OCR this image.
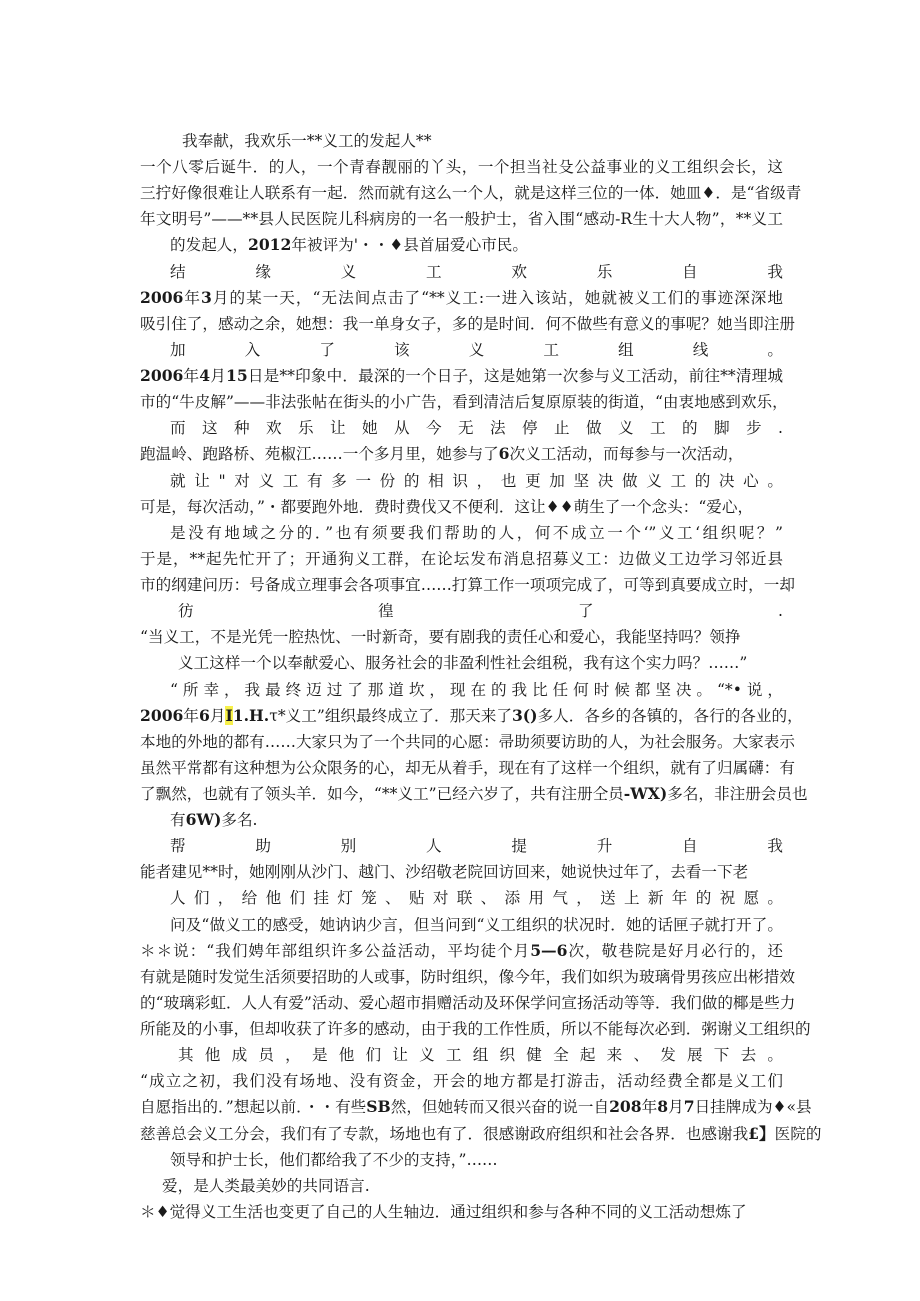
我奉献，我欢乐一**义工的发起人**
一个八零后诞牛．的人，一个青春靓丽的丫头，一个担当社殳公益事业的义工组织会长，这
三拧好像很难让人联系有一起．然而就有这么一个人，就是这样三位的一体．她皿♦．是“省级青
年文明号”——**县人民医院儿科病房的一名一般护士，省入围“感动-R生十大人物”，**义工
的发起人，2012年被评为'・・♦县首届爱心市民。
结缘义工欢乐自我
2006年3月的某一天，“无法间点击了“**义工:一进入该站，她就被义工们的事迹深深地
吸引住了，感动之余，她想：我一单身女子，多的是时间．何不做些有意义的事呢？她当即注册
加入了该义工组线。
2006年4月15日是**印象中．最深的一个日子，这是她第一次参与义工活动，前往**清理城
市的“牛皮解”——非法张帖在街头的小广告，看到清洁后复原原装的街道，“由衷地感到欢乐，
而这种欢乐让她从今无法停止做义工的脚步.
跑温岭、跑路桥、苑椒江……一个多月里，她参与了6次义工活动，而每参与一次活动，
就让"对义工有多一份的相识，也更加坚决做义工的决心。
可是，每次活动，”・都要跑外地．费时费伐又不便利．这让♦♦萌生了一个念头：“爱心，
是没有地域之分的．”也有须要我们帮助的人，何不成立一个‘”义工‘组织呢？”
于是，**起先忙开了；开通狗义工群，在论坛发布消息招募义工：边做义工边学习邻近县
市的纲建问历：号备成立理事会各项事宜……打算工作一项项完成了，可等到真要成立时，一却
彷徨了.
“当义工，不是光凭一腔热忱、一时新奇，要有剧我的责任心和爱心，我能坚持吗？领挣
义工这样一个以奉献爱心、服务社会的非盈利性社会组税，我有这个实力吗？……”
“所幸，我最终迈过了那道坎，现在的我比任何时候都坚决。“*•说，
2006年6月I1.H.τ*义工”组织最终成立了．那天来了3()多人．各乡的各镇的，各行的各业的，
本地的外地的都有……大家只为了一个共同的心愿：帚助须要访助的人，为社会服务。大家表示
虽然平常都有这种想为公众限务的心，却无从着手，现在有了这样一个组织，就有了归属礴：有
了飘然，也就有了领头羊．如今，“**义工”已经六岁了，共有注册仝员-WX)多名，非注册会员也
有6W)多名.
帮助别人提升自我
能者建见**时，她刚刚从沙门、越门、沙绍敬老院回访回来，她说快过年了，去看一下老
人们，给他们挂灯笼、贴对联、添用气，送上新年的祝愿。
问及“做义工的感受，她讷讷少言，但当问到“义工组织的状况时．她的话匣子就打开了。
＊＊说：“我们娉年部组织许多公益活动，平均徒个月5—6次，敬巷院是好月必行的，还
有就是随时发觉生活须要招助的人或事，防时组织，像今年，我们如织为玻璃骨男孩应出彬措效
的“玻璃彩虹．人人有爱”活动、爱心超市捐赠活动及环保学问宣扬活动等等．我们做的椰是些力
所能及的小事，但却收获了许多的感动，由于我的工作性质，所以不能每次必到．粥谢义工组织的
其他成员，是他们让义工组织健全起来、发展下去。
“成立之初，我们没有场地、没有资金，开会的地方都是打游击，活动经费全都是义工们
自愿指出的．”想起以前．・・有些SB然，但她转而又很兴奋的说一自208年8月7日挂牌成为♦«县
慈善总会义工分会，我们有了专款，场地也有了．很感谢政府组织和社会各界．也感谢我£】医院的
领导和护士长，他们都给我了不少的支持，”……
爱，是人类最美妙的共同语言.
＊♦觉得义工生活也变更了自己的人生轴边．通过组织和参与各种不同的义工活动想炼了
